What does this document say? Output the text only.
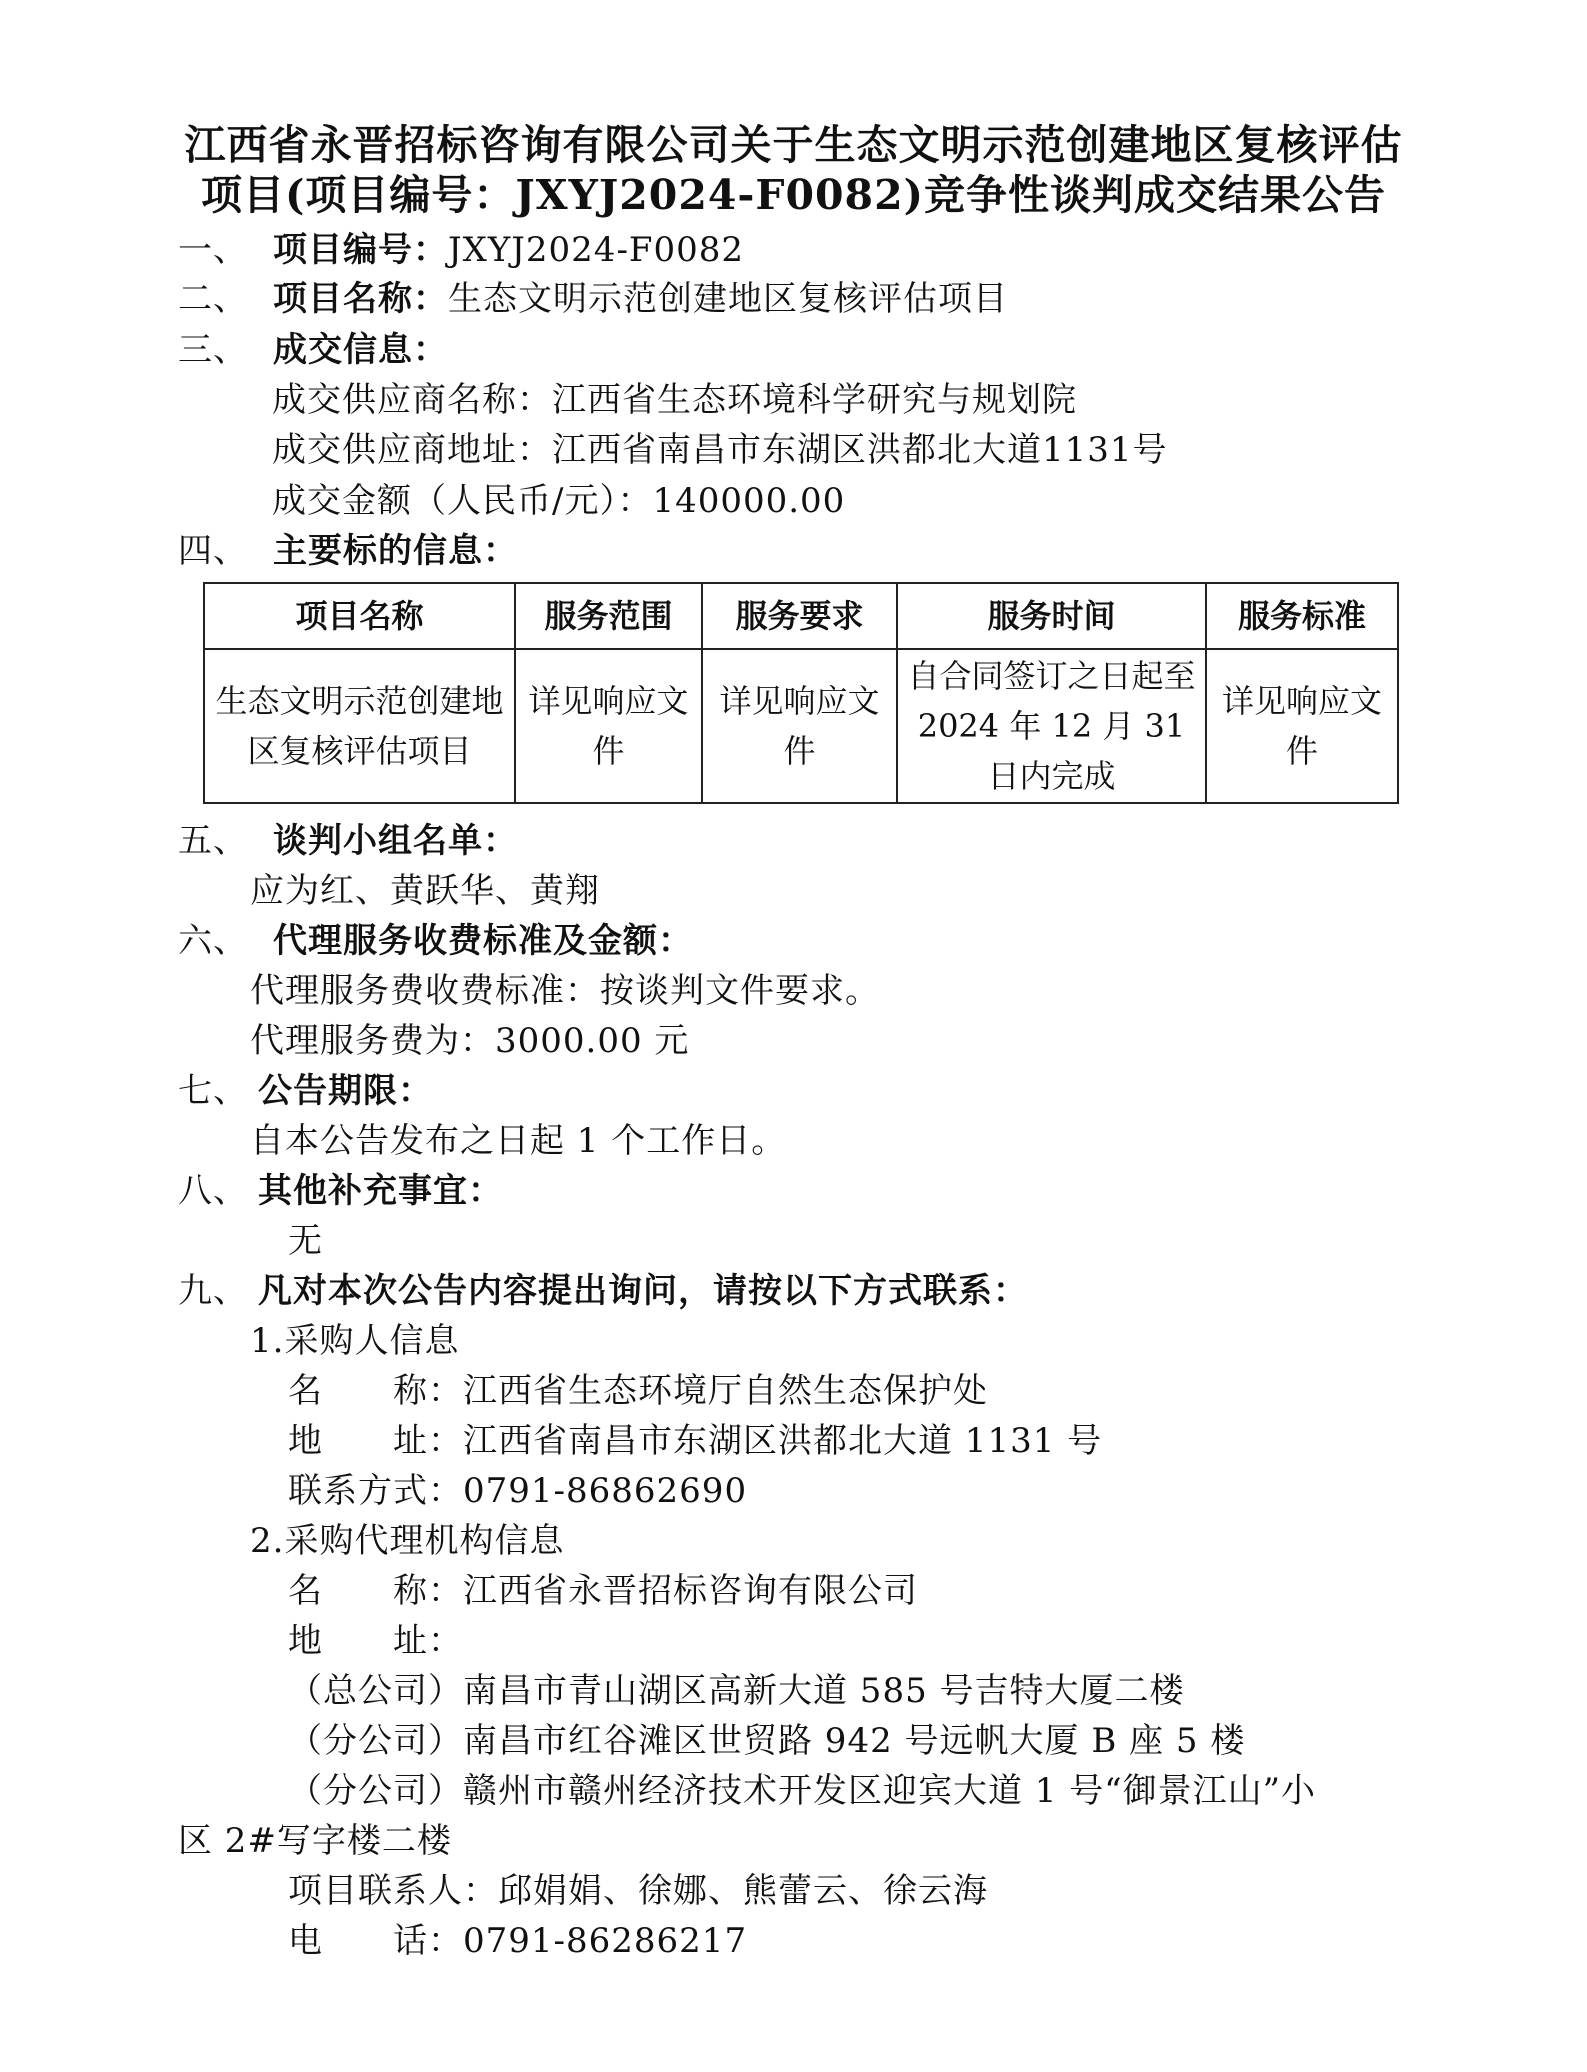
江西省永晋招标咨询有限公司关于生态文明示范创建地区复核评估
项目(项目编号：JXYJ2024-F0082)竞争性谈判成交结果公告
一、 项目编号：JXYJ2024-F0082
二、 项目名称：生态文明示范创建地区复核评估项目
三、 成交信息：
成交供应商名称：江西省生态环境科学研究与规划院
成交供应商地址：江西省南昌市东湖区洪都北大道1131号
成交金额（人民币/元）：140000.00
四、 主要标的信息：
项目名称	服务范围	服务要求	服务时间	服务标准
生态文明示范创建地区复核评估项目	详见响应文件	详见响应文件	自合同签订之日起至 2024 年 12 月 31 日内完成	详见响应文件
五、 谈判小组名单：
应为红、黄跃华、黄翔
六、 代理服务收费标准及金额：
代理服务费收费标准：按谈判文件要求。
代理服务费为：3000.00 元
七、 公告期限：
自本公告发布之日起 1 个工作日。
八、 其他补充事宜：
无
九、 凡对本次公告内容提出询问，请按以下方式联系：
1.采购人信息
名　　称：江西省生态环境厅自然生态保护处
地　　址：江西省南昌市东湖区洪都北大道 1131 号
联系方式：0791-86862690
2.采购代理机构信息
名　　称：江西省永晋招标咨询有限公司
地　　址：
（总公司）南昌市青山湖区高新大道 585 号吉特大厦二楼
（分公司）南昌市红谷滩区世贸路 942 号远帆大厦 B 座 5 楼
（分公司）赣州市赣州经济技术开发区迎宾大道 1 号“御景江山”小
区 2#写字楼二楼
项目联系人：邱娟娟、徐娜、熊蕾云、徐云海
电　　话：0791-86286217
